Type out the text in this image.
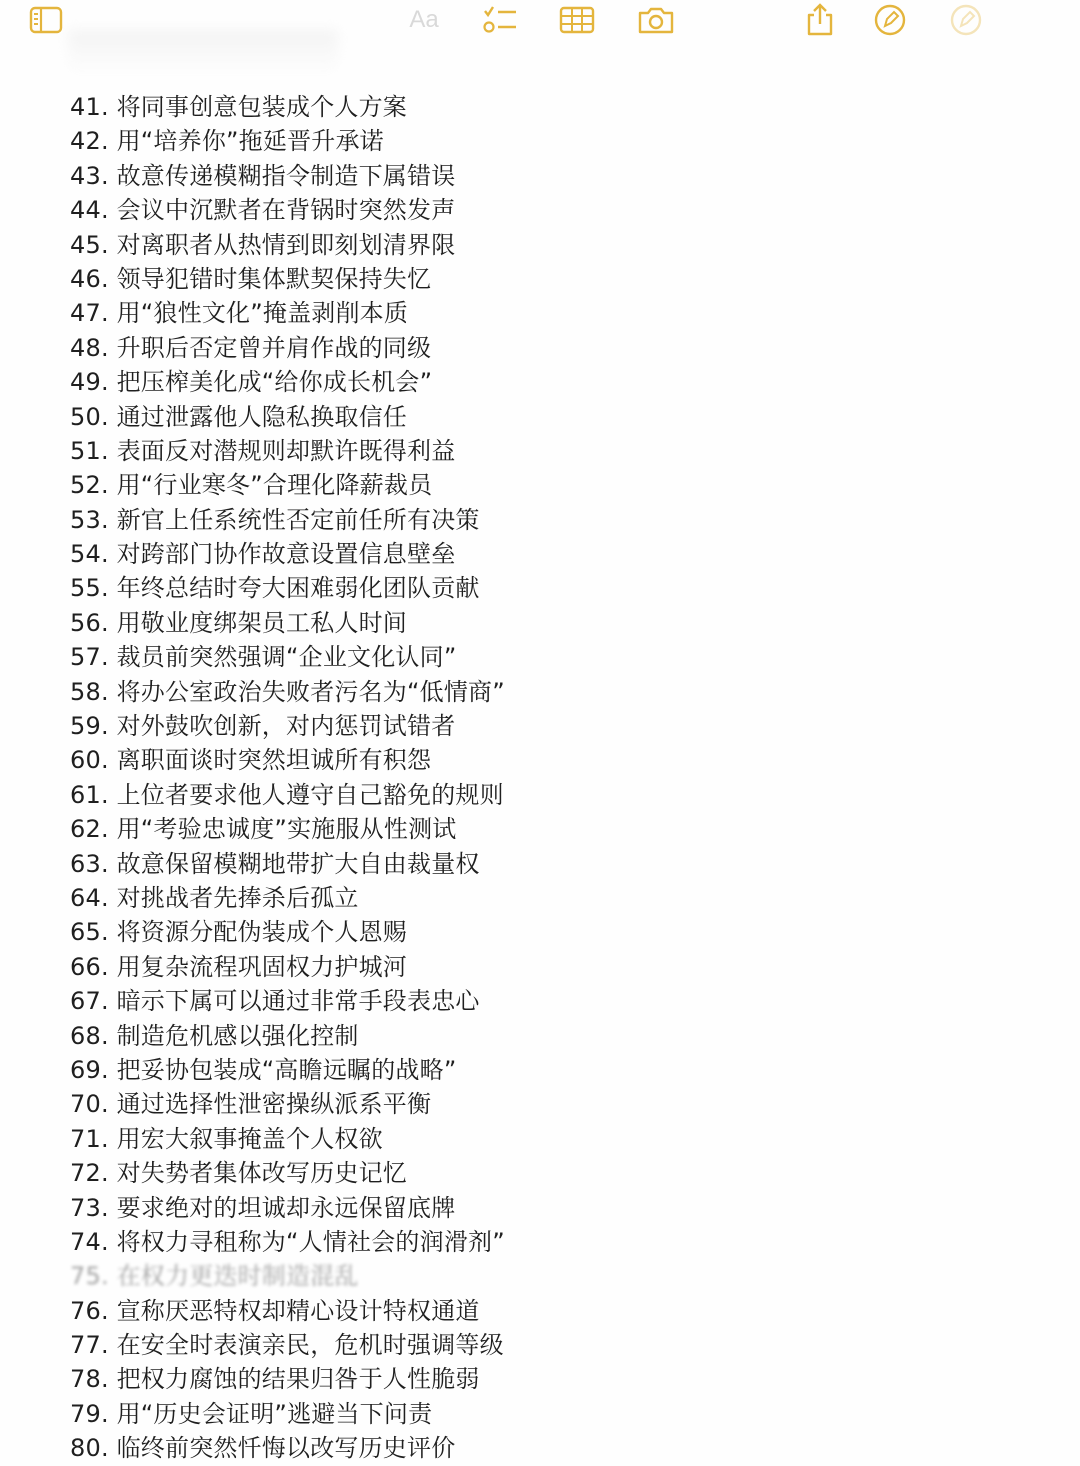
Aa
41. 将同事创意包装成个人方案
42. 用“培养你”拖延晋升承诺
43. 故意传递模糊指令制造下属错误
44. 会议中沉默者在背锅时突然发声
45. 对离职者从热情到即刻划清界限
46. 领导犯错时集体默契保持失忆
47. 用“狼性文化”掩盖剥削本质
48. 升职后否定曾并肩作战的同级
49. 把压榨美化成“给你成长机会”
50. 通过泄露他人隐私换取信任
51. 表面反对潜规则却默许既得利益
52. 用“行业寒冬”合理化降薪裁员
53. 新官上任系统性否定前任所有决策
54. 对跨部门协作故意设置信息壁垒
55. 年终总结时夸大困难弱化团队贡献
56. 用敬业度绑架员工私人时间
57. 裁员前突然强调“企业文化认同”
58. 将办公室政治失败者污名为“低情商”
59. 对外鼓吹创新，对内惩罚试错者
60. 离职面谈时突然坦诚所有积怨
61. 上位者要求他人遵守自己豁免的规则
62. 用“考验忠诚度”实施服从性测试
63. 故意保留模糊地带扩大自由裁量权
64. 对挑战者先捧杀后孤立
65. 将资源分配伪装成个人恩赐
66. 用复杂流程巩固权力护城河
67. 暗示下属可以通过非常手段表忠心
68. 制造危机感以强化控制
69. 把妥协包装成“高瞻远瞩的战略”
70. 通过选择性泄密操纵派系平衡
71. 用宏大叙事掩盖个人权欲
72. 对失势者集体改写历史记忆
73. 要求绝对的坦诚却永远保留底牌
74. 将权力寻租称为“人情社会的润滑剂”
75. 在权力更迭时制造混乱
76. 宣称厌恶特权却精心设计特权通道
77. 在安全时表演亲民，危机时强调等级
78. 把权力腐蚀的结果归咎于人性脆弱
79. 用“历史会证明”逃避当下问责
80. 临终前突然忏悔以改写历史评价
